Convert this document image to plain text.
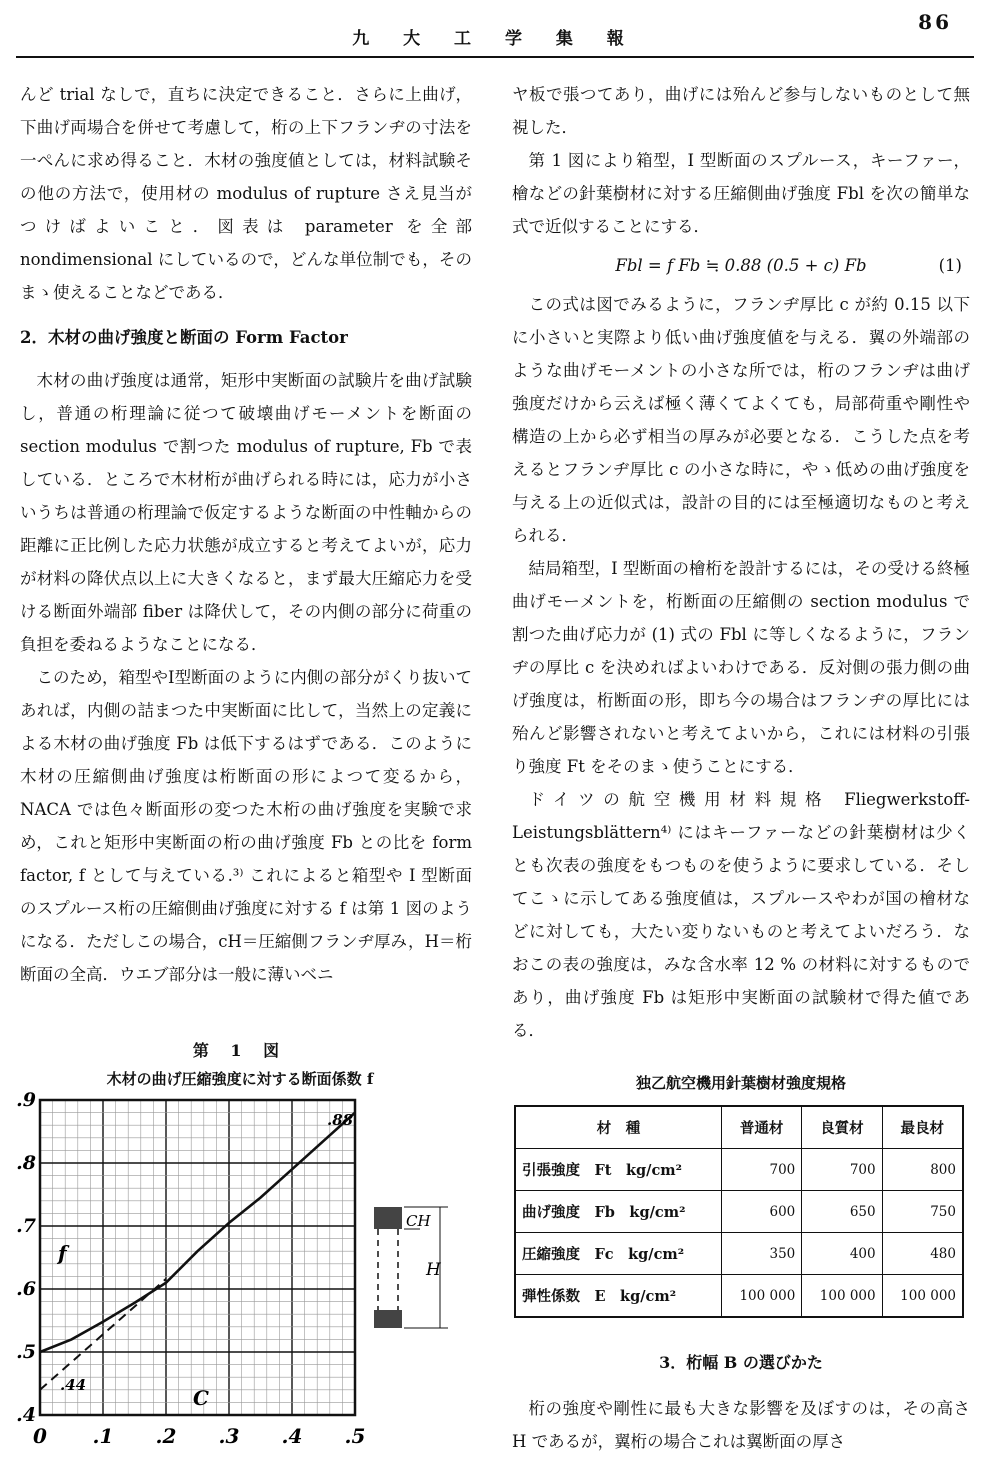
九 大 工 学 集 報
86

んど trial なしで，直ちに決定できること．さらに上曲げ，下曲げ両場合を併せて考慮して，桁の上下フランヂの寸法を一ぺんに求め得ること．木材の強度値としては，材料試験その他の方法で，使用材の modulus of rupture さえ見当がつけばよいこと．図表は parameter を全部 nondimensional にしているので，どんな単位制でも，そのまゝ使えることなどである．

2．木材の曲げ強度と断面の Form Factor

木材の曲げ強度は通常，矩形中実断面の試験片を曲げ試験し，普通の桁理論に従つて破壊曲げモーメントを断面の section modulus で割つた modulus of rupture, Fb で表している．ところで木材桁が曲げられる時には，応力が小さいうちは普通の桁理論で仮定するような断面の中性軸からの距離に正比例した応力状態が成立すると考えてよいが，応力が材料の降伏点以上に大きくなると，まず最大圧縮応力を受ける断面外端部 fiber は降伏して，その内側の部分に荷重の負担を委ねるようなことになる．

このため，箱型やI型断面のように内側の部分がくり抜いてあれば，内側の詰まつた中実断面に比して，当然上の定義による木材の曲げ強度 Fb は低下するはずである．このように木材の圧縮側曲げ強度は桁断面の形によつて変るから，NACA では色々断面形の変つた木桁の曲げ強度を実験で求め，これと矩形中実断面の桁の曲げ強度 Fb との比を form factor, f として与えている.³⁾ これによると箱型や I 型断面のスプルース桁の圧縮側曲げ強度に対する f は第 1 図のようになる．ただしこの場合，cH＝圧縮側フランヂ厚み，H＝桁断面の全高．ウエブ部分は一般に薄いベニ

ヤ板で張つてあり，曲げには殆んど参与しないものとして無視した．

第 1 図により箱型，I 型断面のスプルース，キーファー，檜などの針葉樹材に対する圧縮側曲げ強度 Fbl を次の簡単な式で近似することにする．

Fbl = f Fb ≒ 0.88 (0.5 + c) Fb	(1)

この式は図でみるように，フランヂ厚比 c が約 0.15 以下に小さいと実際より低い曲げ強度値を与える．翼の外端部のような曲げモーメントの小さな所では，桁のフランヂは曲げ強度だけから云えば極く薄くてよくても，局部荷重や剛性や構造の上から必ず相当の厚みが必要となる．こうした点を考えるとフランヂ厚比 c の小さな時に，やゝ低めの曲げ強度を与える上の近似式は，設計の目的には至極適切なものと考えられる．

結局箱型，I 型断面の檜桁を設計するには，その受ける終極曲げモーメントを，桁断面の圧縮側の section modulus で割つた曲げ応力が (1) 式の Fbl に等しくなるように，フランヂの厚比 c を決めればよいわけである．反対側の張力側の曲げ強度は，桁断面の形，即ち今の場合はフランヂの厚比には殆んど影響されないと考えてよいから，これには材料の引張り強度 Ft をそのまゝ使うことにする．

ドイツの航空機用材料規格 Fliegwerkstoff-Leistungsblättern⁴⁾ にはキーファーなどの針葉樹材は少くとも次表の強度をもつものを使うように要求している．そしてこゝに示してある強度値は，スプルースやわが国の檜材などに対しても，大たい変りないものと考えてよいだろう．なおこの表の強度は，みな含水率 12 % の材料に対するものであり，曲げ強度 Fb は矩形中実断面の試験材で得た値である．

第 1 図
木材の曲げ圧縮強度に対する断面係数 f
0 .1 .2 .3 .4 .5
.4
.5
.6
.7
.8
.9
f
C
.88
.44
CH
H
独乙航空機用針葉樹材強度規格
材　種	普通材	良質材	最良材
引張強度　Ft　kg/cm²	700	700	800
曲げ強度　Fb　kg/cm²	600	650	750
圧縮強度　Fc　kg/cm²	350	400	480
弾性係数　E　kg/cm²	100 000	100 000	100 000
3．桁幅 B の選びかた

桁の強度や剛性に最も大きな影響を及ぼすのは，その高さ H であるが，翼桁の場合これは翼断面の厚さ
